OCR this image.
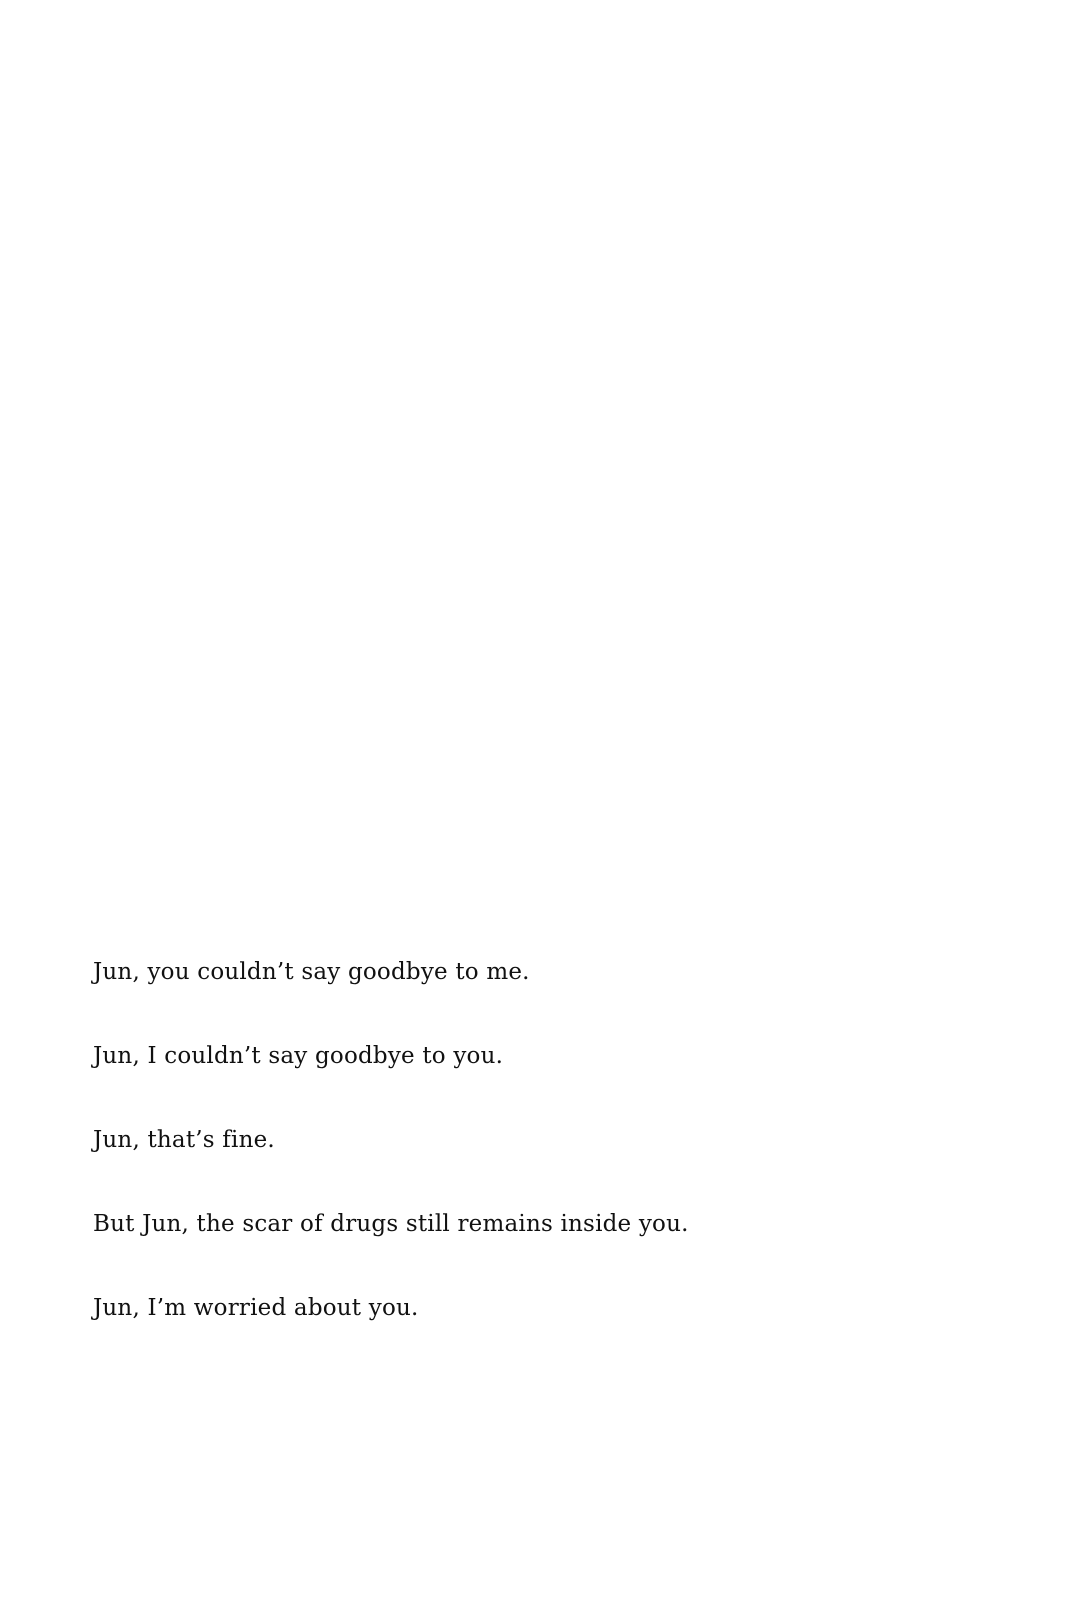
Jun, you couldn’t say goodbye to me.

Jun, I couldn’t say goodbye to you.

Jun, that’s fine.

But Jun, the scar of drugs still remains inside you.

Jun, I’m worried about you.
